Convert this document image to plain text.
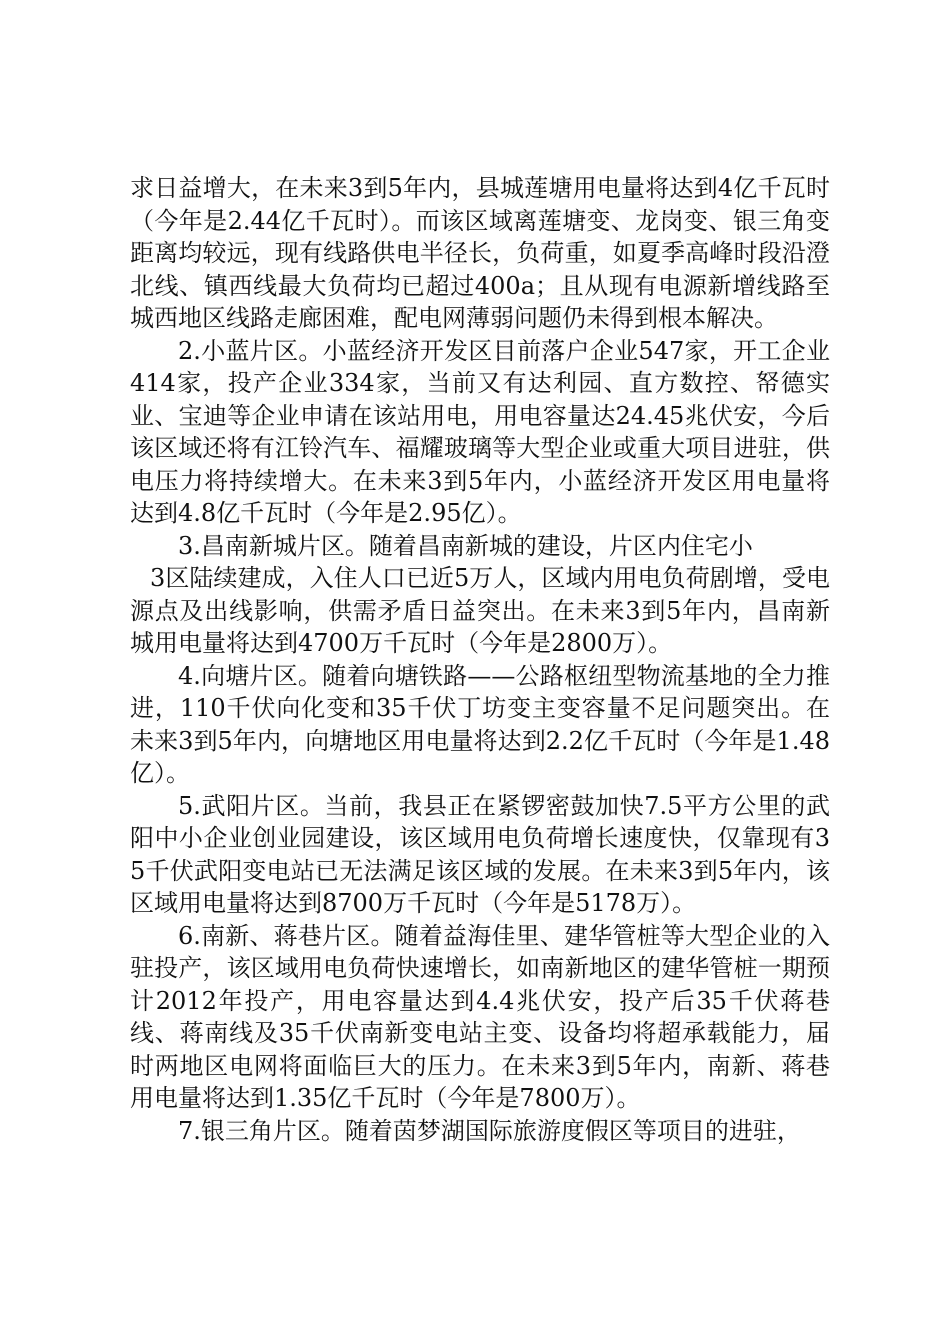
求日益增大，在未来3到5年内，县城莲塘用电量将达到4亿千瓦时（今年是2.44亿千瓦时）。而该区域离莲塘变、龙岗变、银三角变距离均较远，现有线路供电半径长，负荷重，如夏季高峰时段沿澄北线、镇西线最大负荷均已超过400a；且从现有电源新增线路至城西地区线路走廊困难，配电网薄弱问题仍未得到根本解决。

2.小蓝片区。小蓝经济开发区目前落户企业547家，开工企业414家，投产企业334家，当前又有达利园、直方数控、帑德实业、宝迪等企业申请在该站用电，用电容量达24.45兆伏安，今后该区域还将有江铃汽车、福耀玻璃等大型企业或重大项目进驻，供电压力将持续增大。在未来3到5年内，小蓝经济开发区用电量将达到4.8亿千瓦时（今年是2.95亿）。

3.昌南新城片区。随着昌南新城的建设，片区内住宅小

3区陆续建成，入住人口已近5万人，区域内用电负荷剧增，受电源点及出线影响，供需矛盾日益突出。在未来3到5年内，昌南新城用电量将达到4700万千瓦时（今年是2800万）。

4.向塘片区。随着向塘铁路——公路枢纽型物流基地的全力推进，110千伏向化变和35千伏丁坊变主变容量不足问题突出。在未来3到5年内，向塘地区用电量将达到2.2亿千瓦时（今年是1.48亿）。

5.武阳片区。当前，我县正在紧锣密鼓加快7.5平方公里的武阳中小企业创业园建设，该区域用电负荷增长速度快，仅靠现有35千伏武阳变电站已无法满足该区域的发展。在未来3到5年内，该区域用电量将达到8700万千瓦时（今年是5178万）。

6.南新、蒋巷片区。随着益海佳里、建华管桩等大型企业的入驻投产，该区域用电负荷快速增长，如南新地区的建华管桩一期预计2012年投产，用电容量达到4.4兆伏安，投产后35千伏蒋巷线、蒋南线及35千伏南新变电站主变、设备均将超承载能力，届时两地区电网将面临巨大的压力。在未来3到5年内，南新、蒋巷用电量将达到1.35亿千瓦时（今年是7800万）。

7.银三角片区。随着茵梦湖国际旅游度假区等项目的进驻，
